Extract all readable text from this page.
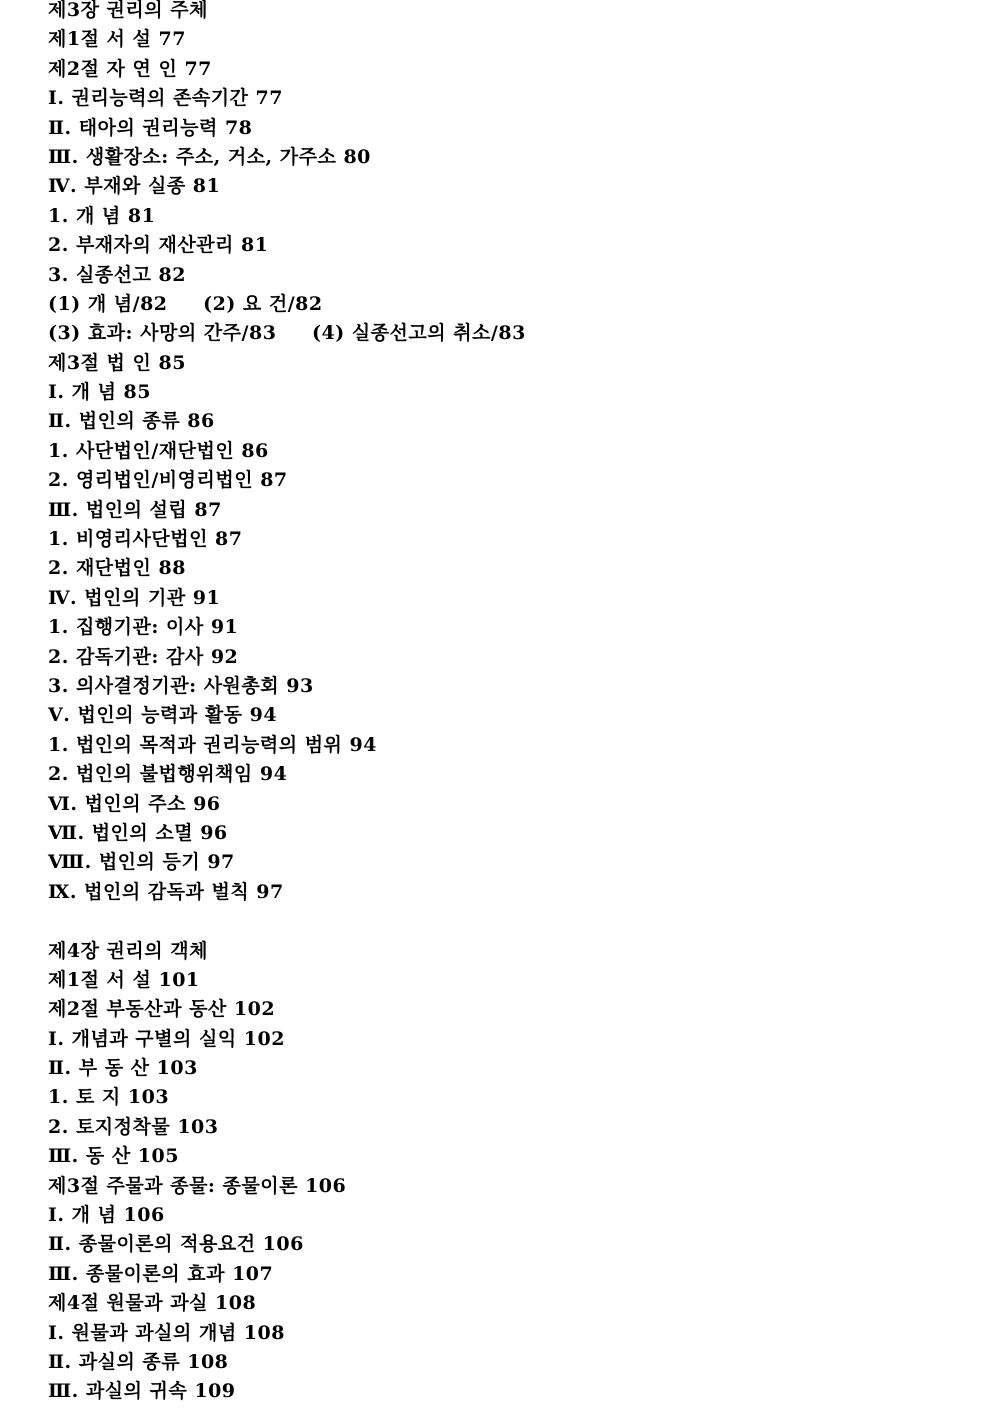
제3장 권리의 주체
제1절 서 설 77
제2절 자 연 인 77
Ⅰ. 권리능력의 존속기간 77
Ⅱ. 태아의 권리능력 78
Ⅲ. 생활장소: 주소, 거소, 가주소 80
Ⅳ. 부재와 실종 81
1. 개 념 81
2. 부재자의 재산관리 81
3. 실종선고 82
(1) 개 념/82 (2) 요 건/82
(3) 효과: 사망의 간주/83 (4) 실종선고의 취소/83
제3절 법 인 85
Ⅰ. 개 념 85
Ⅱ. 법인의 종류 86
1. 사단법인/재단법인 86
2. 영리법인/비영리법인 87
Ⅲ. 법인의 설립 87
1. 비영리사단법인 87
2. 재단법인 88
Ⅳ. 법인의 기관 91
1. 집행기관: 이사 91
2. 감독기관: 감사 92
3. 의사결정기관: 사원총회 93
Ⅴ. 법인의 능력과 활동 94
1. 법인의 목적과 권리능력의 범위 94
2. 법인의 불법행위책임 94
Ⅵ. 법인의 주소 96
Ⅶ. 법인의 소멸 96
Ⅷ. 법인의 등기 97
Ⅸ. 법인의 감독과 벌칙 97
제4장 권리의 객체
제1절 서 설 101
제2절 부동산과 동산 102
Ⅰ. 개념과 구별의 실익 102
Ⅱ. 부 동 산 103
1. 토 지 103
2. 토지정착물 103
Ⅲ. 동 산 105
제3절 주물과 종물: 종물이론 106
Ⅰ. 개 념 106
Ⅱ. 종물이론의 적용요건 106
Ⅲ. 종물이론의 효과 107
제4절 원물과 과실 108
Ⅰ. 원물과 과실의 개념 108
Ⅱ. 과실의 종류 108
Ⅲ. 과실의 귀속 109
